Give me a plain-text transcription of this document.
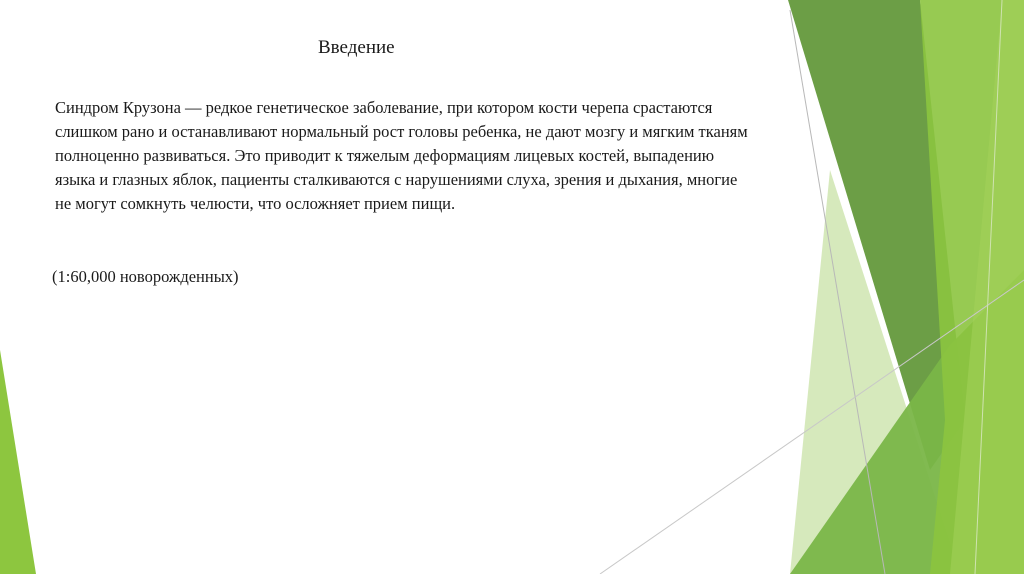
Введение

Синдром Крузона — редкое генетическое заболевание, при котором кости черепа срастаются слишком рано и останавливают нормальный рост головы ребенка, не дают мозгу и мягким тканям полноценно развиваться. Это приводит к тяжелым деформациям лицевых костей, выпадению языка и глазных яблок, пациенты сталкиваются с нарушениями слуха, зрения и дыхания, многие не могут сомкнуть челюсти, что осложняет прием пищи.

(1:60,000 новорожденных)
